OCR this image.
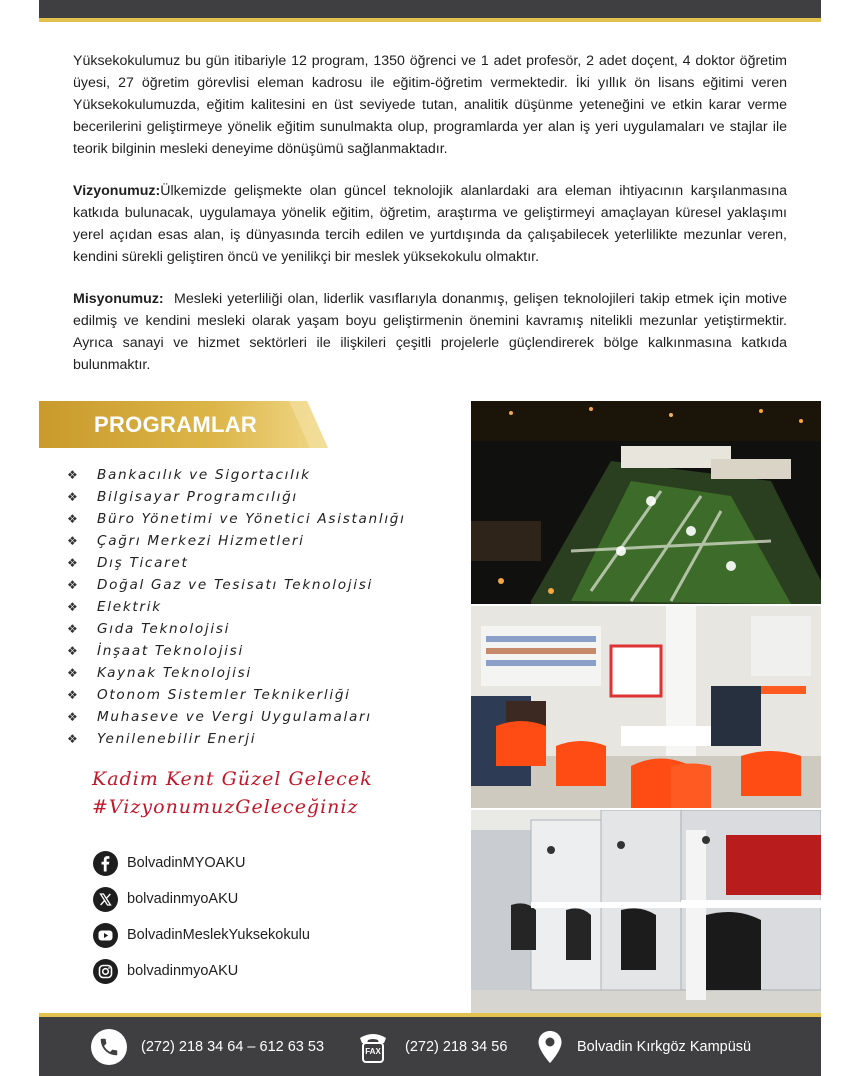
Yüksekokulumuz bu gün itibariyle 12 program, 1350 öğrenci ve 1 adet profesör, 2 adet doçent, 4 doktor öğretim üyesi, 27 öğretim görevlisi eleman kadrosu ile eğitim-öğretim vermektedir. İki yıllık ön lisans eğitimi veren Yüksekokulumuzda, eğitim kalitesini en üst seviyede tutan, analitik düşünme yeteneğini ve etkin karar verme becerilerini geliştirmeye yönelik eğitim sunulmakta olup, programlarda yer alan iş yeri uygulamaları ve stajlar ile teorik bilginin mesleki deneyime dönüşümü sağlanmaktadır.

Vizyonumuz:Ülkemizde gelişmekte olan güncel teknolojik alanlardaki ara eleman ihtiyacının karşılanmasına katkıda bulunacak, uygulamaya yönelik eğitim, öğretim, araştırma ve geliştirmeyi amaçlayan küresel yaklaşımı yerel açıdan esas alan, iş dünyasında tercih edilen ve yurtdışında da çalışabilecek yeterlilikte mezunlar veren, kendini sürekli geliştiren öncü ve yenilikçi bir meslek yüksekokulu olmaktır.

Misyonumuz: Mesleki yeterliliği olan, liderlik vasıflarıyla donanmış, gelişen teknolojileri takip etmek için motive edilmiş ve kendini mesleki olarak yaşam boyu geliştirmenin önemini kavramış nitelikli mezunlar yetiştirmektir. Ayrıca sanayi ve hizmet sektörleri ile ilişkileri çeşitli projelerle güçlendirerek bölge kalkınmasına katkıda bulunmaktır.

PROGRAMLAR
❖ Bankacılık ve Sigortacılık
❖ Bilgisayar Programcılığı
❖ Büro Yönetimi ve Yönetici Asistanlığı
❖ Çağrı Merkezi Hizmetleri
❖ Dış Ticaret
❖ Doğal Gaz ve Tesisatı Teknolojisi
❖ Elektrik
❖ Gıda Teknolojisi
❖ İnşaat Teknolojisi
❖ Kaynak Teknolojisi
❖ Otonom Sistemler Teknikerliği
❖ Muhaseve ve Vergi Uygulamaları
❖ Yenilenebilir Enerji
Kadim Kent Güzel Gelecek
#VizyonumuzGeleceğiniz
BolvadinMYOAKU
bolvadinmyoAKU
BolvadinMeslekYuksekokulu
bolvadinmyoAKU
(272) 218 34 64 – 612 63 53	FAX	(272) 218 34 56	Bolvadin Kırkgöz Kampüsü
